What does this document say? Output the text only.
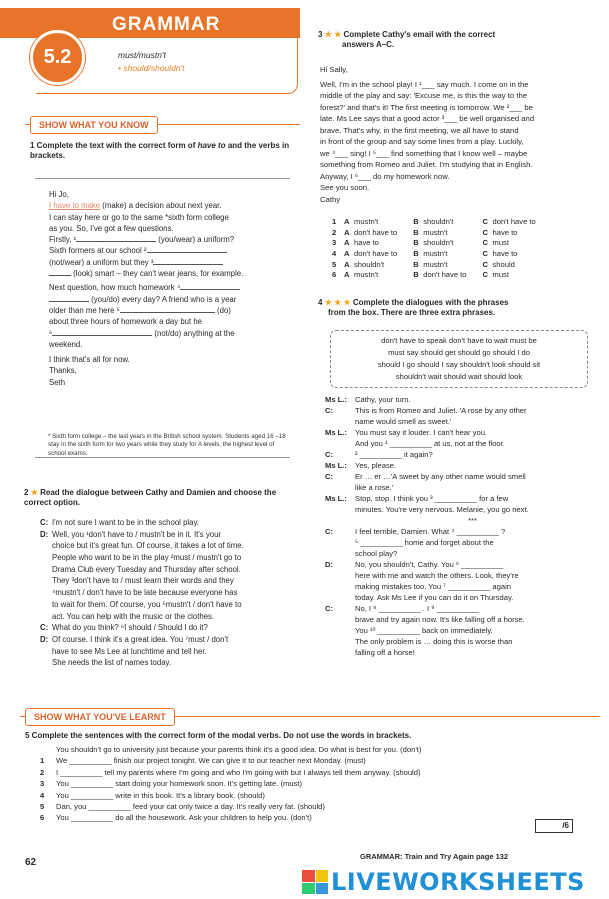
GRAMMAR
5.2	must/mustn't
• should/shouldn't
SHOW WHAT YOU KNOW
1 Complete the text with the correct form of have to and the verbs in brackets.

Hi Jo,

I have to make (make) a decision about next year.

I can stay here or go to the same *sixth form college

as you. So, I've got a few questions.

Firstly, ¹	(you/wear) a uniform?

Sixth formers at our school ²

(not/wear) a uniform but they ³

(look) smart – they can't wear jeans, for example.

Next question, how much homework ⁴

(you/do) every day? A friend who is a year

older than me here ⁵	(do)

about three hours of homework a day but he

⁶	(not/do) anything at the

weekend.

I think that's all for now.

Thanks,

Seth

* Sixth form college – the last years in the British school system. Students aged 16 –18 stay in the sixth form for two years while they study for A levels, the highest level of school exams.
2 ★ Read the dialogue between Cathy and Damien and choose the correct option.
C: I'm not sure I want to be in the school play.
D: Well, you ¹don't have to / mustn't be in it. It's your
choice but it's great fun. Of course, it takes a lot of time.
People who want to be in the play ²must / mustn't go to
Drama Club every Tuesday and Thursday after school.
They ³don't have to / must learn their words and they
⁴mustn't / don't have to be late because everyone has
to wait for them. Of course, you ⁵mustn't / don't have to
act. You can help with the music or the clothes.
C: What do you think? ⁶I should / Should I do it?
D: Of course. I think it's a great idea. You ⁷must / don't
have to see Ms Lee at lunchtime and tell her.
She needs the list of names today.
3 ★ ★ Complete Cathy's email with the correct
answers A–C.

Hi Sally,

Well, I'm in the school play! I ¹___ say much. I come on in the

middle of the play and say: 'Excuse me, is this the way to the

forest?' and that's it! The first meeting is tomorrow. We ²___ be

late. Ms Lee says that a good actor ³___ be well organised and

brave. That's why, in the first meeting, we all have to stand

in front of the group and say some lines from a play. Luckily,

we ⁴___ sing! I ⁵___ find something that I know well – maybe

something from Romeo and Juliet. I'm studying that in English.

Anyway, I ⁶___ do my homework now.

See you soon.

Cathy

1	A	mustn't	B	shouldn't	C	don't have to
2	A	don't have to	B	mustn't	C	have to
3	A	have to	B	shouldn't	C	must
4	A	don't have to	B	mustn't	C	have to
5	A	shouldn't	B	mustn't	C	should
6	A	mustn't	B	don't have to	C	must
4 ★ ★ ★ Complete the dialogues with the phrases
from the box. There are three extra phrases.
don't have to speak don't have to wait must be
must say should get should go should I do
should I go should I say shouldn't look should sit
shouldn't wait should wait should look
Ms L.:	Cathy, your turn.
C:	This is from Romeo and Juliet. 'A rose by any other
	name would smell as sweet.'
Ms L.:	You must say it louder. I can't hear you.
	And you ¹ __________ at us, not at the floor.
C:	² __________ it again?
Ms L.:	Yes, please.
C:	Er … er …'A sweet by any other name would smell
	like a rose.'
Ms L.:	Stop, stop. I think you ³ __________ for a few
	minutes. You're very nervous. Melanie, you go next.
	***
C:	I feel terrible, Damien. What ⁴ __________ ?
	⁵ __________ home and forget about the
	school play?
D:	No, you shouldn't, Cathy. You ⁶ __________
	here with me and watch the others. Look, they're
	making mistakes too. You ⁷ __________ again
	today. Ask Ms Lee if you can do it on Thursday.
C:	No, I ⁸ __________ . I ⁹ __________
	brave and try again now. It's like falling off a horse.
	You ¹⁰ __________ back on immediately.
	The only problem is … doing this is worse than
	falling off a horse!
SHOW WHAT YOU'VE LEARNT
5 Complete the sentences with the correct form of the modal verbs. Do not use the words in brackets.
You shouldn't go to university just because your parents think it's a good idea. Do what is best for you. (don't)
1 We __________ finish our project tonight. We can give it to our teacher next Monday. (must)
2 I __________ tell my parents where I'm going and who I'm going with but I always tell them anyway. (should)
3 You __________ start doing your homework soon. It's getting late. (must)
4 You __________ write in this book. It's a library book. (should)
5 Dan, you __________ feed your cat only twice a day. It's really very fat. (should)
6 You __________ do all the housework. Ask your children to help you. (don't)
/6
62
GRAMMAR: Train and Try Again page 132
LIVEWORKSHEETS
